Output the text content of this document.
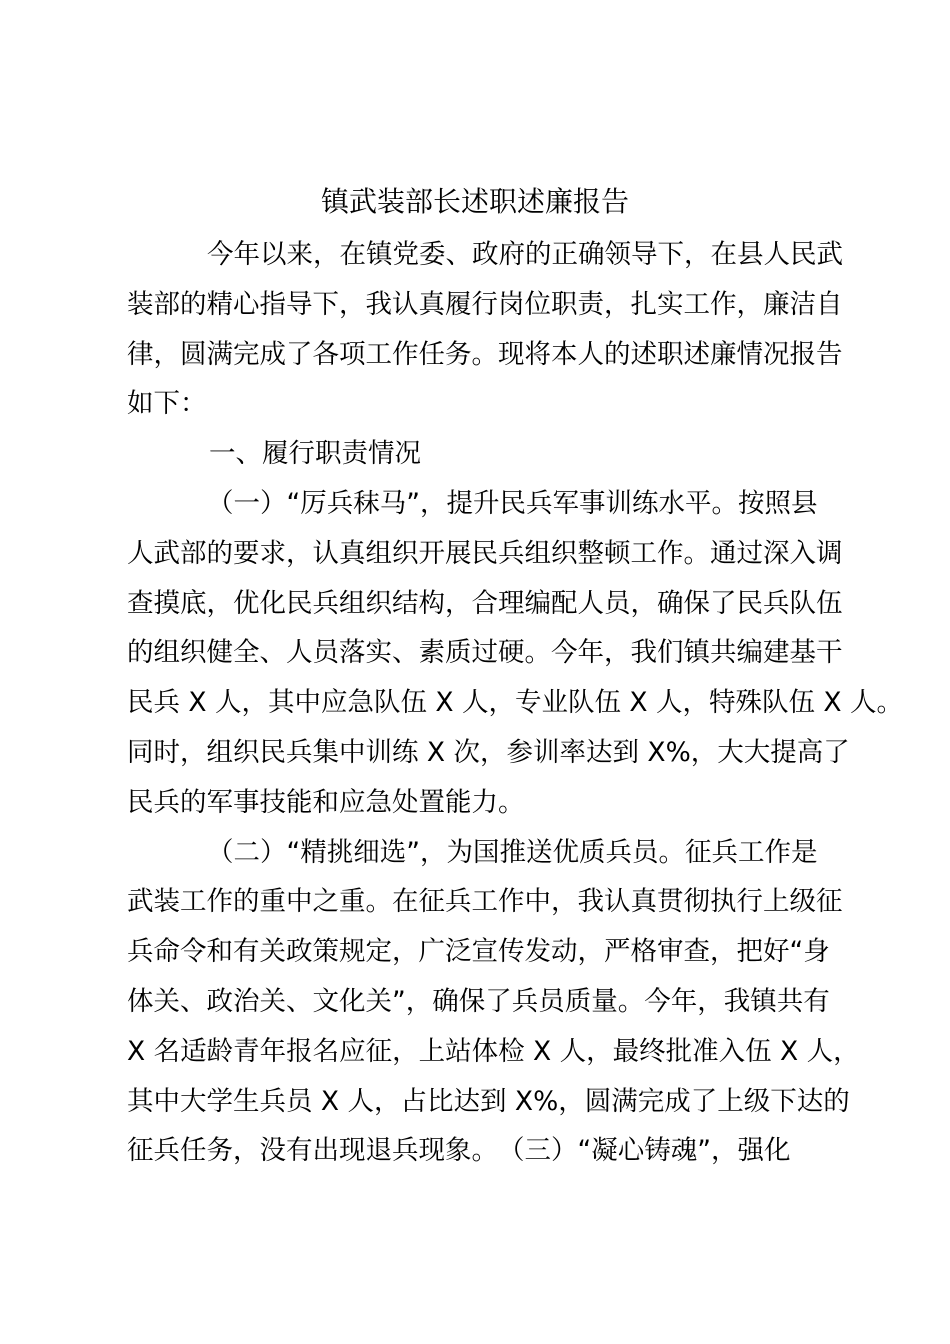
镇武装部长述职述廉报告
今年以来，在镇党委、政府的正确领导下，在县人民武
装部的精心指导下，我认真履行岗位职责，扎实工作，廉洁自
律，圆满完成了各项工作任务。现将本人的述职述廉情况报告
如下：
一、履行职责情况
（一）“厉兵秣马”，提升民兵军事训练水平。按照县
人武部的要求，认真组织开展民兵组织整顿工作。通过深入调
查摸底，优化民兵组织结构，合理编配人员，确保了民兵队伍
的组织健全、人员落实、素质过硬。今年，我们镇共编建基干
民兵 X 人，其中应急队伍 X 人，专业队伍 X 人，特殊队伍 X 人。
同时，组织民兵集中训练 X 次，参训率达到 X%，大大提高了
民兵的军事技能和应急处置能力。
（二）“精挑细选”，为国推送优质兵员。征兵工作是
武装工作的重中之重。在征兵工作中，我认真贯彻执行上级征
兵命令和有关政策规定，广泛宣传发动，严格审查，把好“身
体关、政治关、文化关”，确保了兵员质量。今年，我镇共有
X 名适龄青年报名应征，上站体检 X 人，最终批准入伍 X 人，
其中大学生兵员 X 人，占比达到 X%，圆满完成了上级下达的
征兵任务，没有出现退兵现象。　（三）“凝心铸魂”，强化
